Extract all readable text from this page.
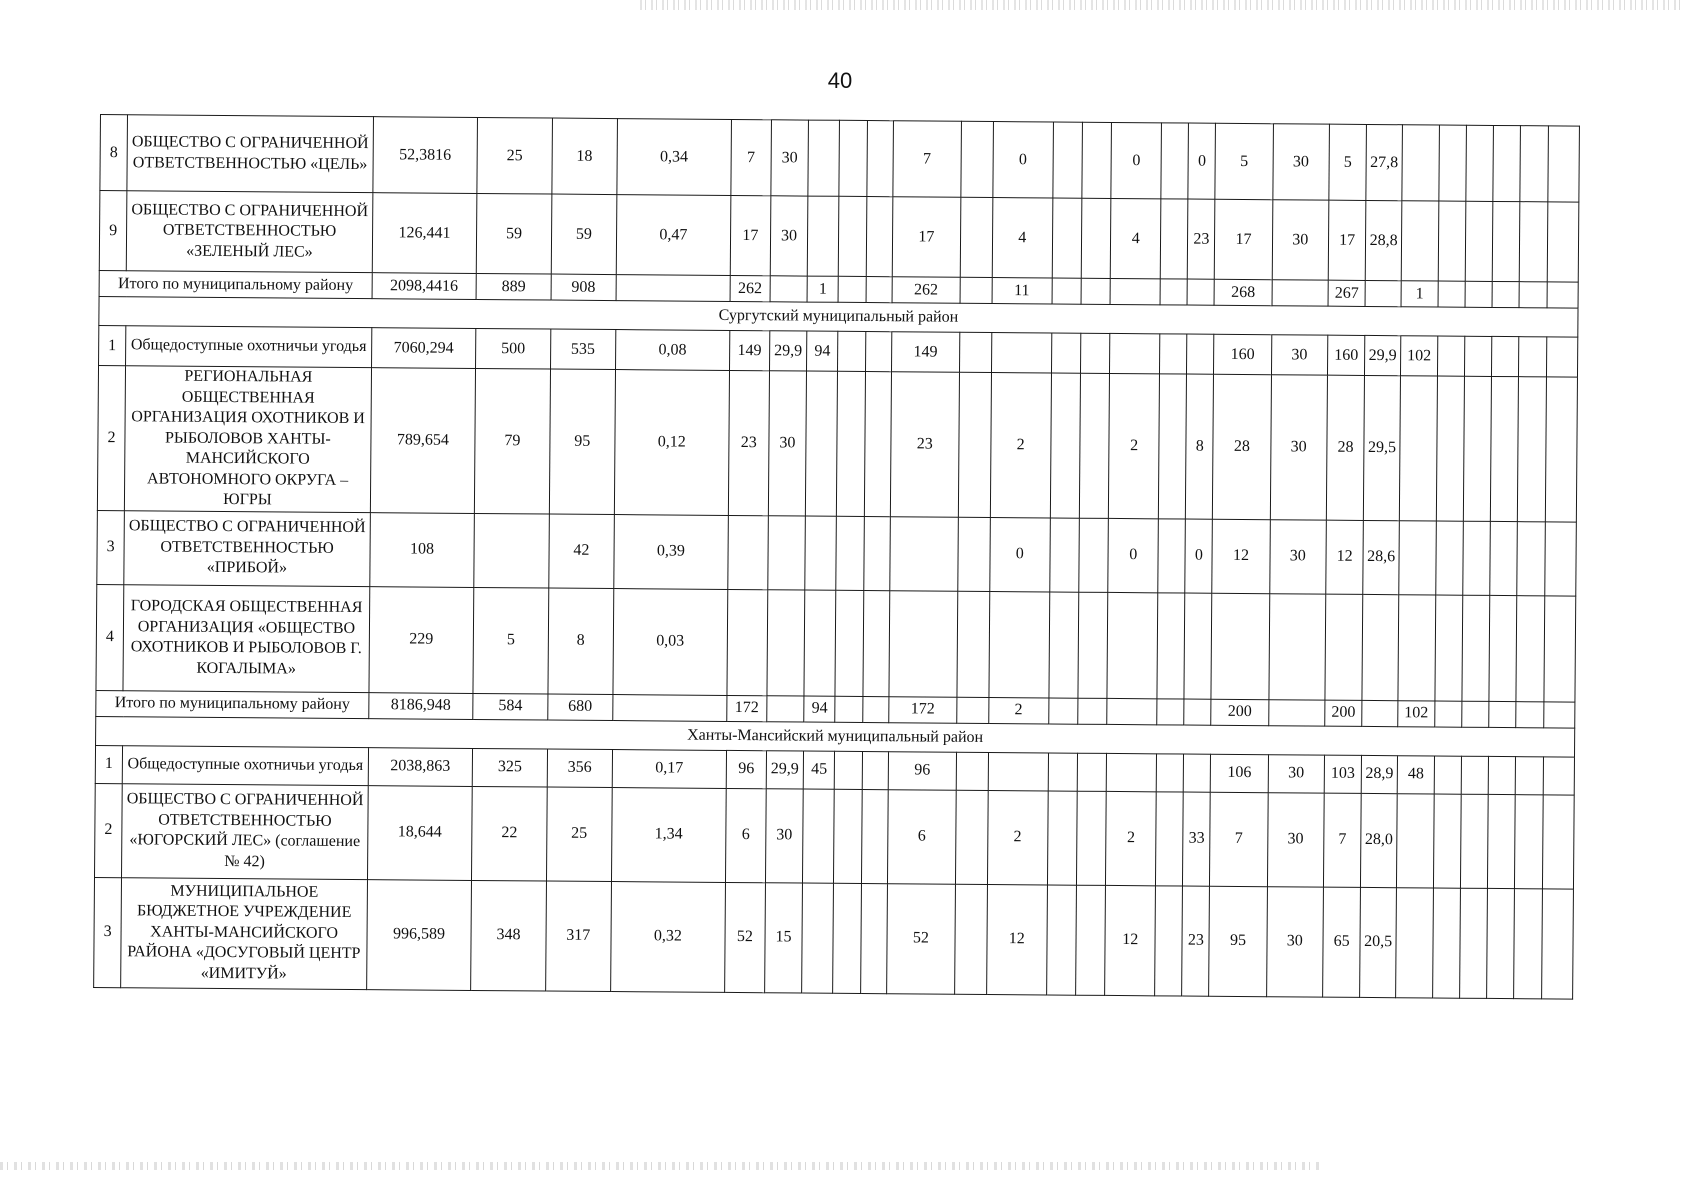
40
8	ОБЩЕСТВО С ОГРАНИЧЕННОЙ ОТВЕТСТВЕННОСТЬЮ «ЦЕЛЬ»	52,3816	25	18	0,34	7	30				7		0			0		0	5	30	5	27,8						
9	ОБЩЕСТВО С ОГРАНИЧЕННОЙ ОТВЕТСТВЕННОСТЬЮ «ЗЕЛЕНЫЙ ЛЕС»	126,441	59	59	0,47	17	30				17		4			4		23	17	30	17	28,8						
Итого по муниципальному району		2098,4416	889	908		262		1			262		11						268		267		1					
Сургутский муниципальный район																												
1	Общедоступные охотничьи угодья	7060,294	500	535	0,08	149	29,9	94			149								160	30	160	29,9	102					
2	РЕГИОНАЛЬНАЯ ОБЩЕСТВЕННАЯ ОРГАНИЗАЦИЯ ОХОТНИКОВ И РЫБОЛОВОВ ХАНТЫ-МАНСИЙСКОГО АВТОНОМНОГО ОКРУГА – ЮГРЫ	789,654	79	95	0,12	23	30				23		2			2		8	28	30	28	29,5						
3	ОБЩЕСТВО С ОГРАНИЧЕННОЙ ОТВЕТСТВЕННОСТЬЮ «ПРИБОЙ»	108		42	0,39								0			0		0	12	30	12	28,6						
4	ГОРОДСКАЯ ОБЩЕСТВЕННАЯ ОРГАНИЗАЦИЯ «ОБЩЕСТВО ОХОТНИКОВ И РЫБОЛОВОВ Г. КОГАЛЫМА»	229	5	8	0,03																							
Итого по муниципальному району		8186,948	584	680		172		94			172		2						200		200		102					
Ханты-Мансийский муниципальный район																												
1	Общедоступные охотничьи угодья	2038,863	325	356	0,17	96	29,9	45			96								106	30	103	28,9	48					
2	ОБЩЕСТВО С ОГРАНИЧЕННОЙ ОТВЕТСТВЕННОСТЬЮ «ЮГОРСКИЙ ЛЕС» (соглашение № 42)	18,644	22	25	1,34	6	30				6		2			2		33	7	30	7	28,0						
3	МУНИЦИПАЛЬНОЕ БЮДЖЕТНОЕ УЧРЕЖДЕНИЕ ХАНТЫ-МАНСИЙСКОГО РАЙОНА «ДОСУГОВЫЙ ЦЕНТР «ИМИТУЙ»	996,589	348	317	0,32	52	15				52		12			12		23	95	30	65	20,5						
